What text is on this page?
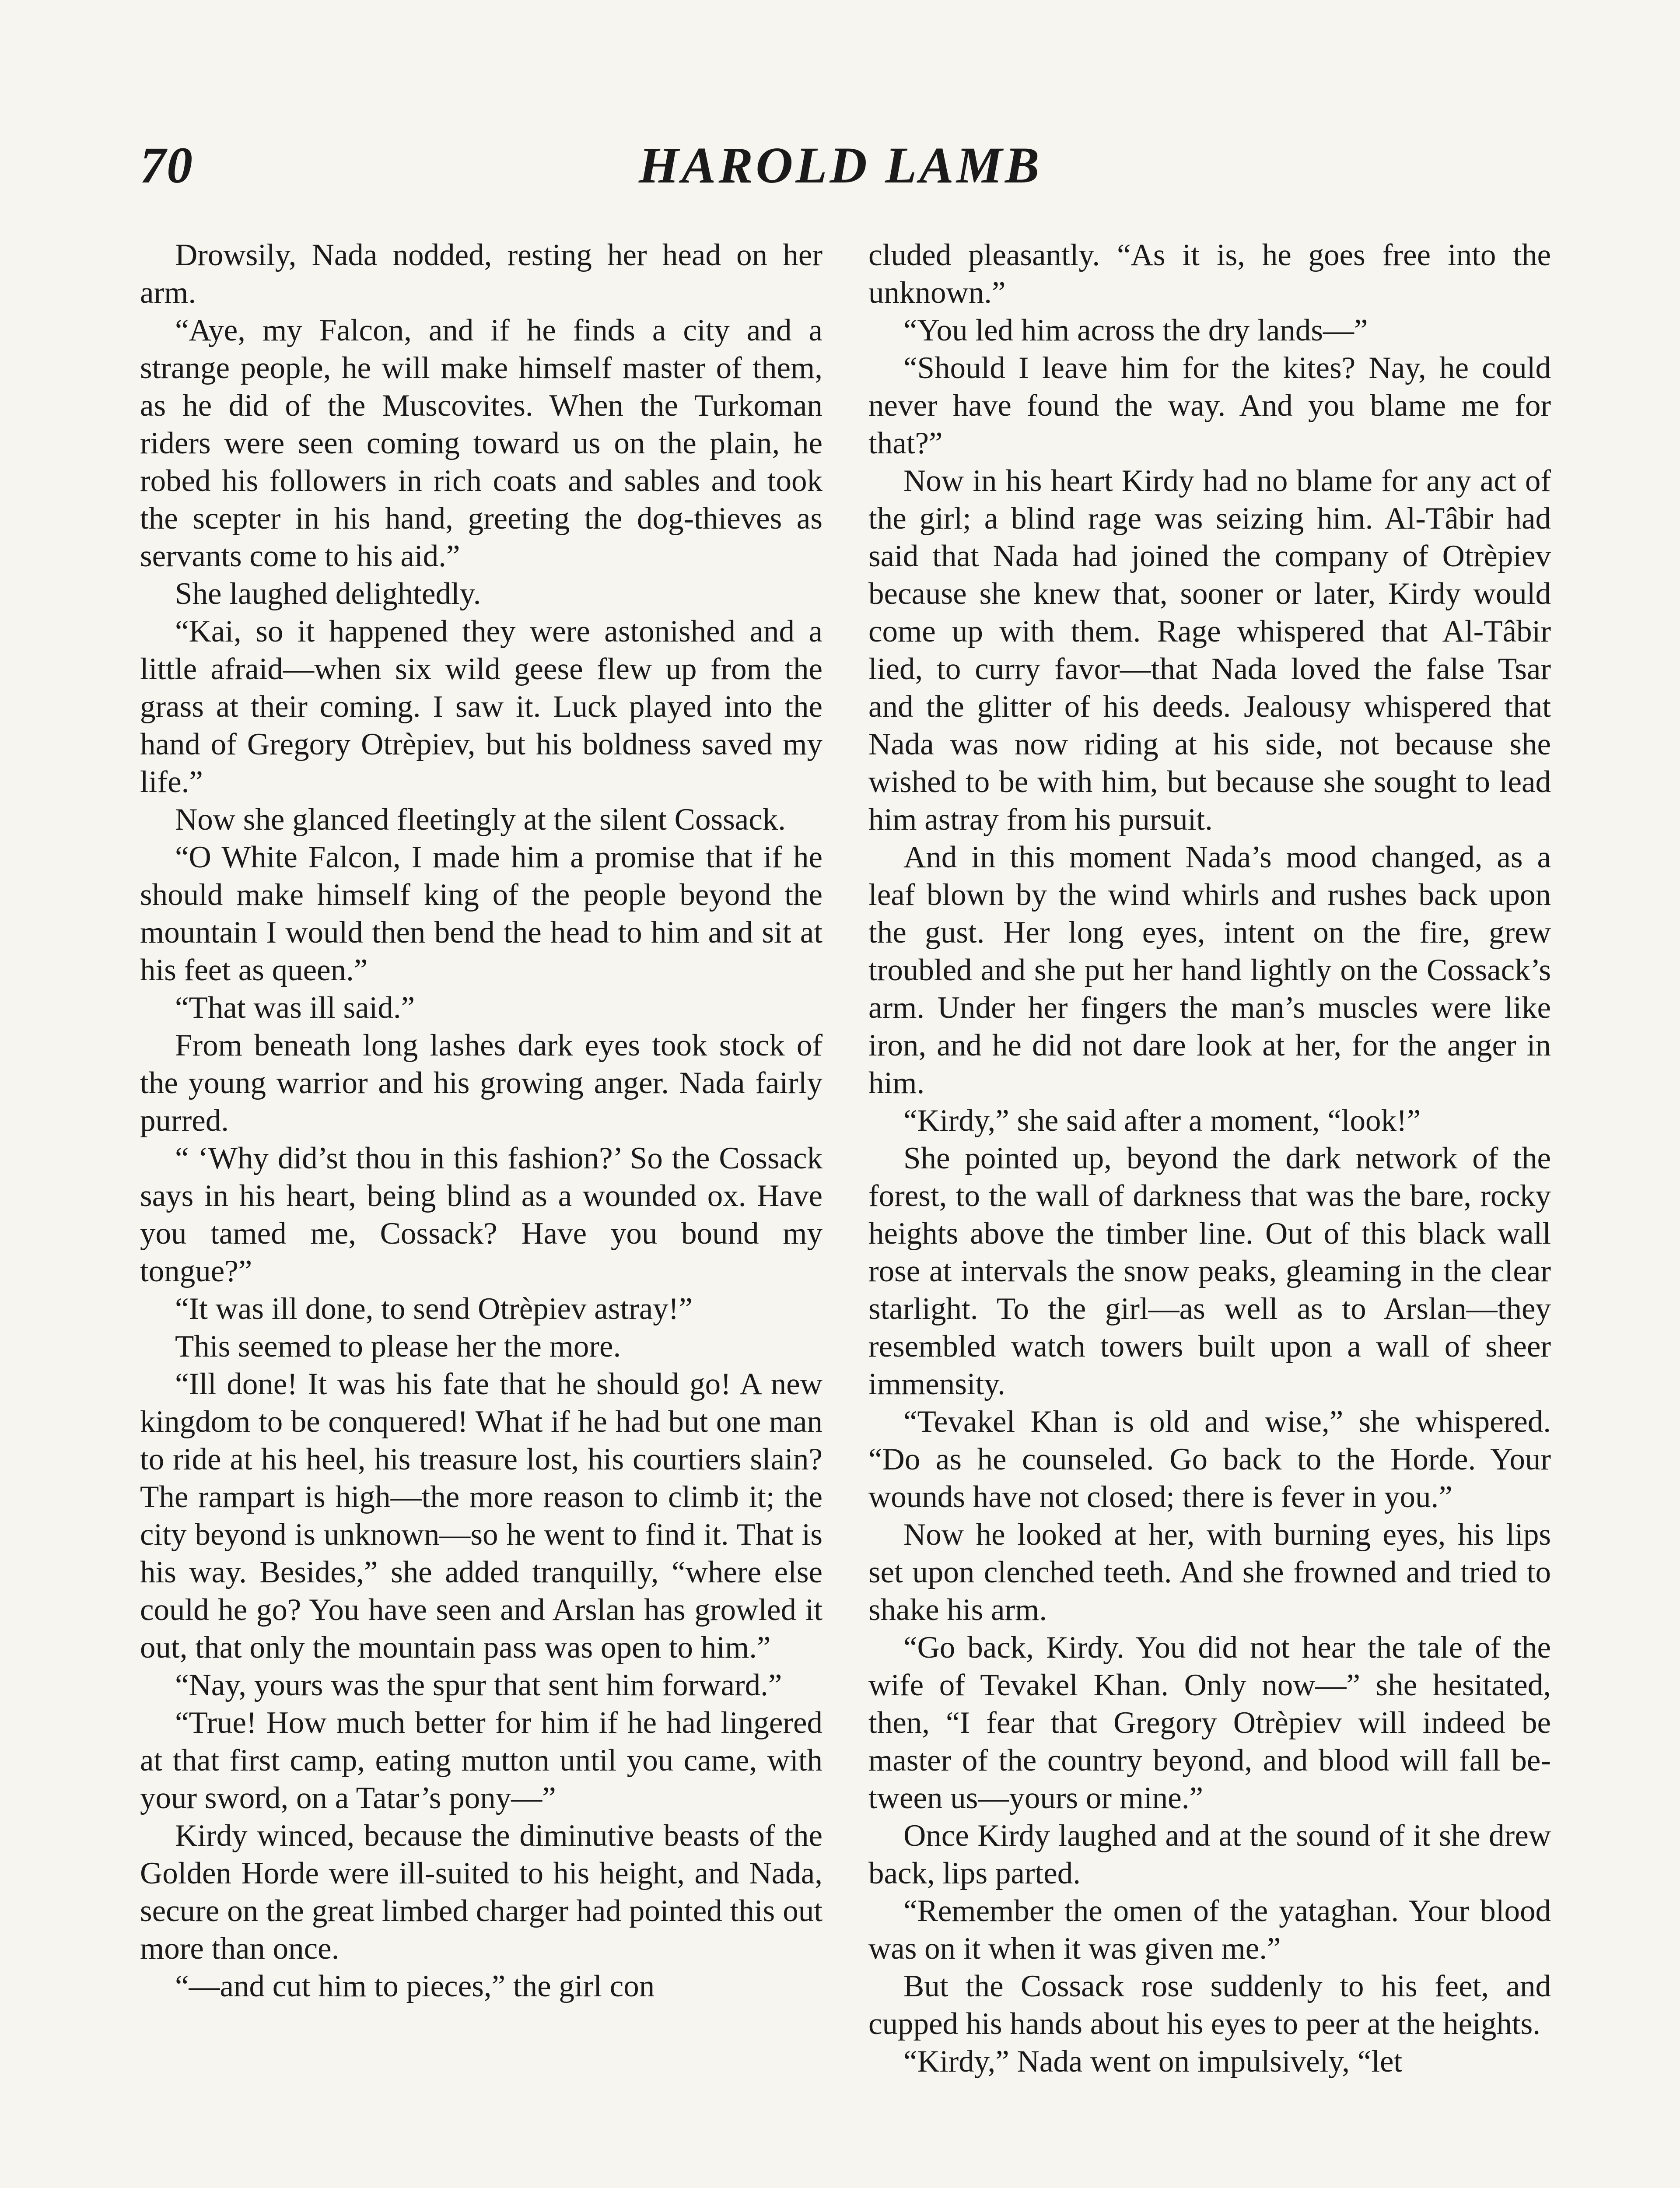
70	HAROLD LAMB

Drowsily, Nada nodded, resting her head on her arm.

“Aye, my Falcon, and if he finds a city and a strange people, he will make himself master of them, as he did of the Muscovites. When the Turkoman riders were seen coming toward us on the plain, he robed his followers in rich coats and sables and took the scepter in his hand, greeting the dog-thieves as servants come to his aid.”

She laughed delightedly.

“Kai, so it happened they were astonished and a little afraid—when six wild geese flew up from the grass at their coming. I saw it. Luck played into the hand of Gregory Otrèpiev, but his boldness saved my life.”

Now she glanced fleetingly at the silent Cossack.

“O White Falcon, I made him a promise that if he should make himself king of the people beyond the mountain I would then bend the head to him and sit at his feet as queen.”

“That was ill said.”

From beneath long lashes dark eyes took stock of the young warrior and his growing anger. Nada fairly purred.

“ ‘Why did’st thou in this fashion?’ So the Cossack says in his heart, being blind as a wounded ox. Have you tamed me, Cossack? Have you bound my tongue?”

“It was ill done, to send Otrèpiev astray!”

This seemed to please her the more.

“Ill done! It was his fate that he should go! A new kingdom to be conquered! What if he had but one man to ride at his heel, his treasure lost, his courtiers slain? The rampart is high—the more reason to climb it; the city beyond is unknown—so he went to find it. That is his way. Besides,” she added tranquilly, “where else could he go? You have seen and Arslan has growled it out, that only the mountain pass was open to him.”

“Nay, yours was the spur that sent him forward.”

“True! How much better for him if he had lingered at that first camp, eating mutton until you came, with your sword, on a Tatar’s pony—”

Kirdy winced, because the diminutive beasts of the Golden Horde were ill-suited to his height, and Nada, secure on the great limbed charger had pointed this out more than once.

“—and cut him to pieces,” the girl con

cluded pleasantly. “As it is, he goes free into the unknown.”

“You led him across the dry lands—”

“Should I leave him for the kites? Nay, he could never have found the way. And you blame me for that?”

Now in his heart Kirdy had no blame for any act of the girl; a blind rage was seizing him. Al-Tâbir had said that Nada had joined the company of Otrèpiev because she knew that, sooner or later, Kirdy would come up with them. Rage whispered that Al-Tâbir lied, to curry favor—that Nada loved the false Tsar and the glitter of his deeds. Jealousy whispered that Nada was now riding at his side, not because she wished to be with him, but because she sought to lead him astray from his pursuit.

And in this moment Nada’s mood changed, as a leaf blown by the wind whirls and rushes back upon the gust. Her long eyes, intent on the fire, grew troubled and she put her hand lightly on the Cossack’s arm. Under her fingers the man’s muscles were like iron, and he did not dare look at her, for the anger in him.

“Kirdy,” she said after a moment, “look!”

She pointed up, beyond the dark network of the forest, to the wall of darkness that was the bare, rocky heights above the timber line. Out of this black wall rose at intervals the snow peaks, gleaming in the clear starlight. To the girl—as well as to Arslan—they resembled watch towers built upon a wall of sheer immensity.

“Tevakel Khan is old and wise,” she whispered. “Do as he counseled. Go back to the Horde. Your wounds have not closed; there is fever in you.”

Now he looked at her, with burning eyes, his lips set upon clenched teeth. And she frowned and tried to shake his arm.

“Go back, Kirdy. You did not hear the tale of the wife of Tevakel Khan. Only now—” she hesitated, then, “I fear that Gregory Otrèpiev will indeed be master of the country beyond, and blood will fall between us—yours or mine.”

Once Kirdy laughed and at the sound of it she drew back, lips parted.

“Remember the omen of the yataghan. Your blood was on it when it was given me.”

But the Cossack rose suddenly to his feet, and cupped his hands about his eyes to peer at the heights.

“Kirdy,” Nada went on impulsively, “let
